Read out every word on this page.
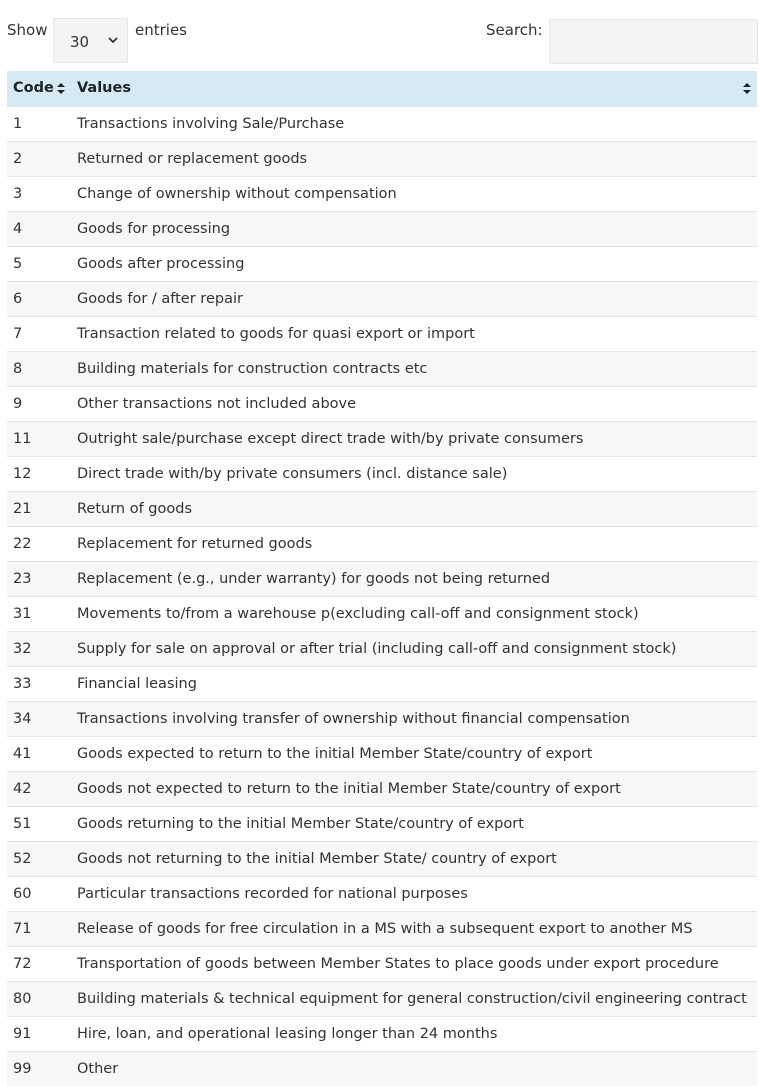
Show
30
entries	Search:
Code	Values

1	Transactions involving Sale/Purchase
2	Returned or replacement goods
3	Change of ownership without compensation
4	Goods for processing
5	Goods after processing
6	Goods for / after repair
7	Transaction related to goods for quasi export or import
8	Building materials for construction contracts etc
9	Other transactions not included above
11	Outright sale/purchase except direct trade with/by private consumers
12	Direct trade with/by private consumers (incl. distance sale)
21	Return of goods
22	Replacement for returned goods
23	Replacement (e.g., under warranty) for goods not being returned
31	Movements to/from a warehouse p(excluding call-off and consignment stock)
32	Supply for sale on approval or after trial (including call-off and consignment stock)
33	Financial leasing
34	Transactions involving transfer of ownership without financial compensation
41	Goods expected to return to the initial Member State/country of export
42	Goods not expected to return to the initial Member State/country of export
51	Goods returning to the initial Member State/country of export
52	Goods not returning to the initial Member State/ country of export
60	Particular transactions recorded for national purposes
71	Release of goods for free circulation in a MS with a subsequent export to another MS
72	Transportation of goods between Member States to place goods under export procedure
80	Building materials & technical equipment for general construction/civil engineering contract
91	Hire, loan, and operational leasing longer than 24 months
99	Other
